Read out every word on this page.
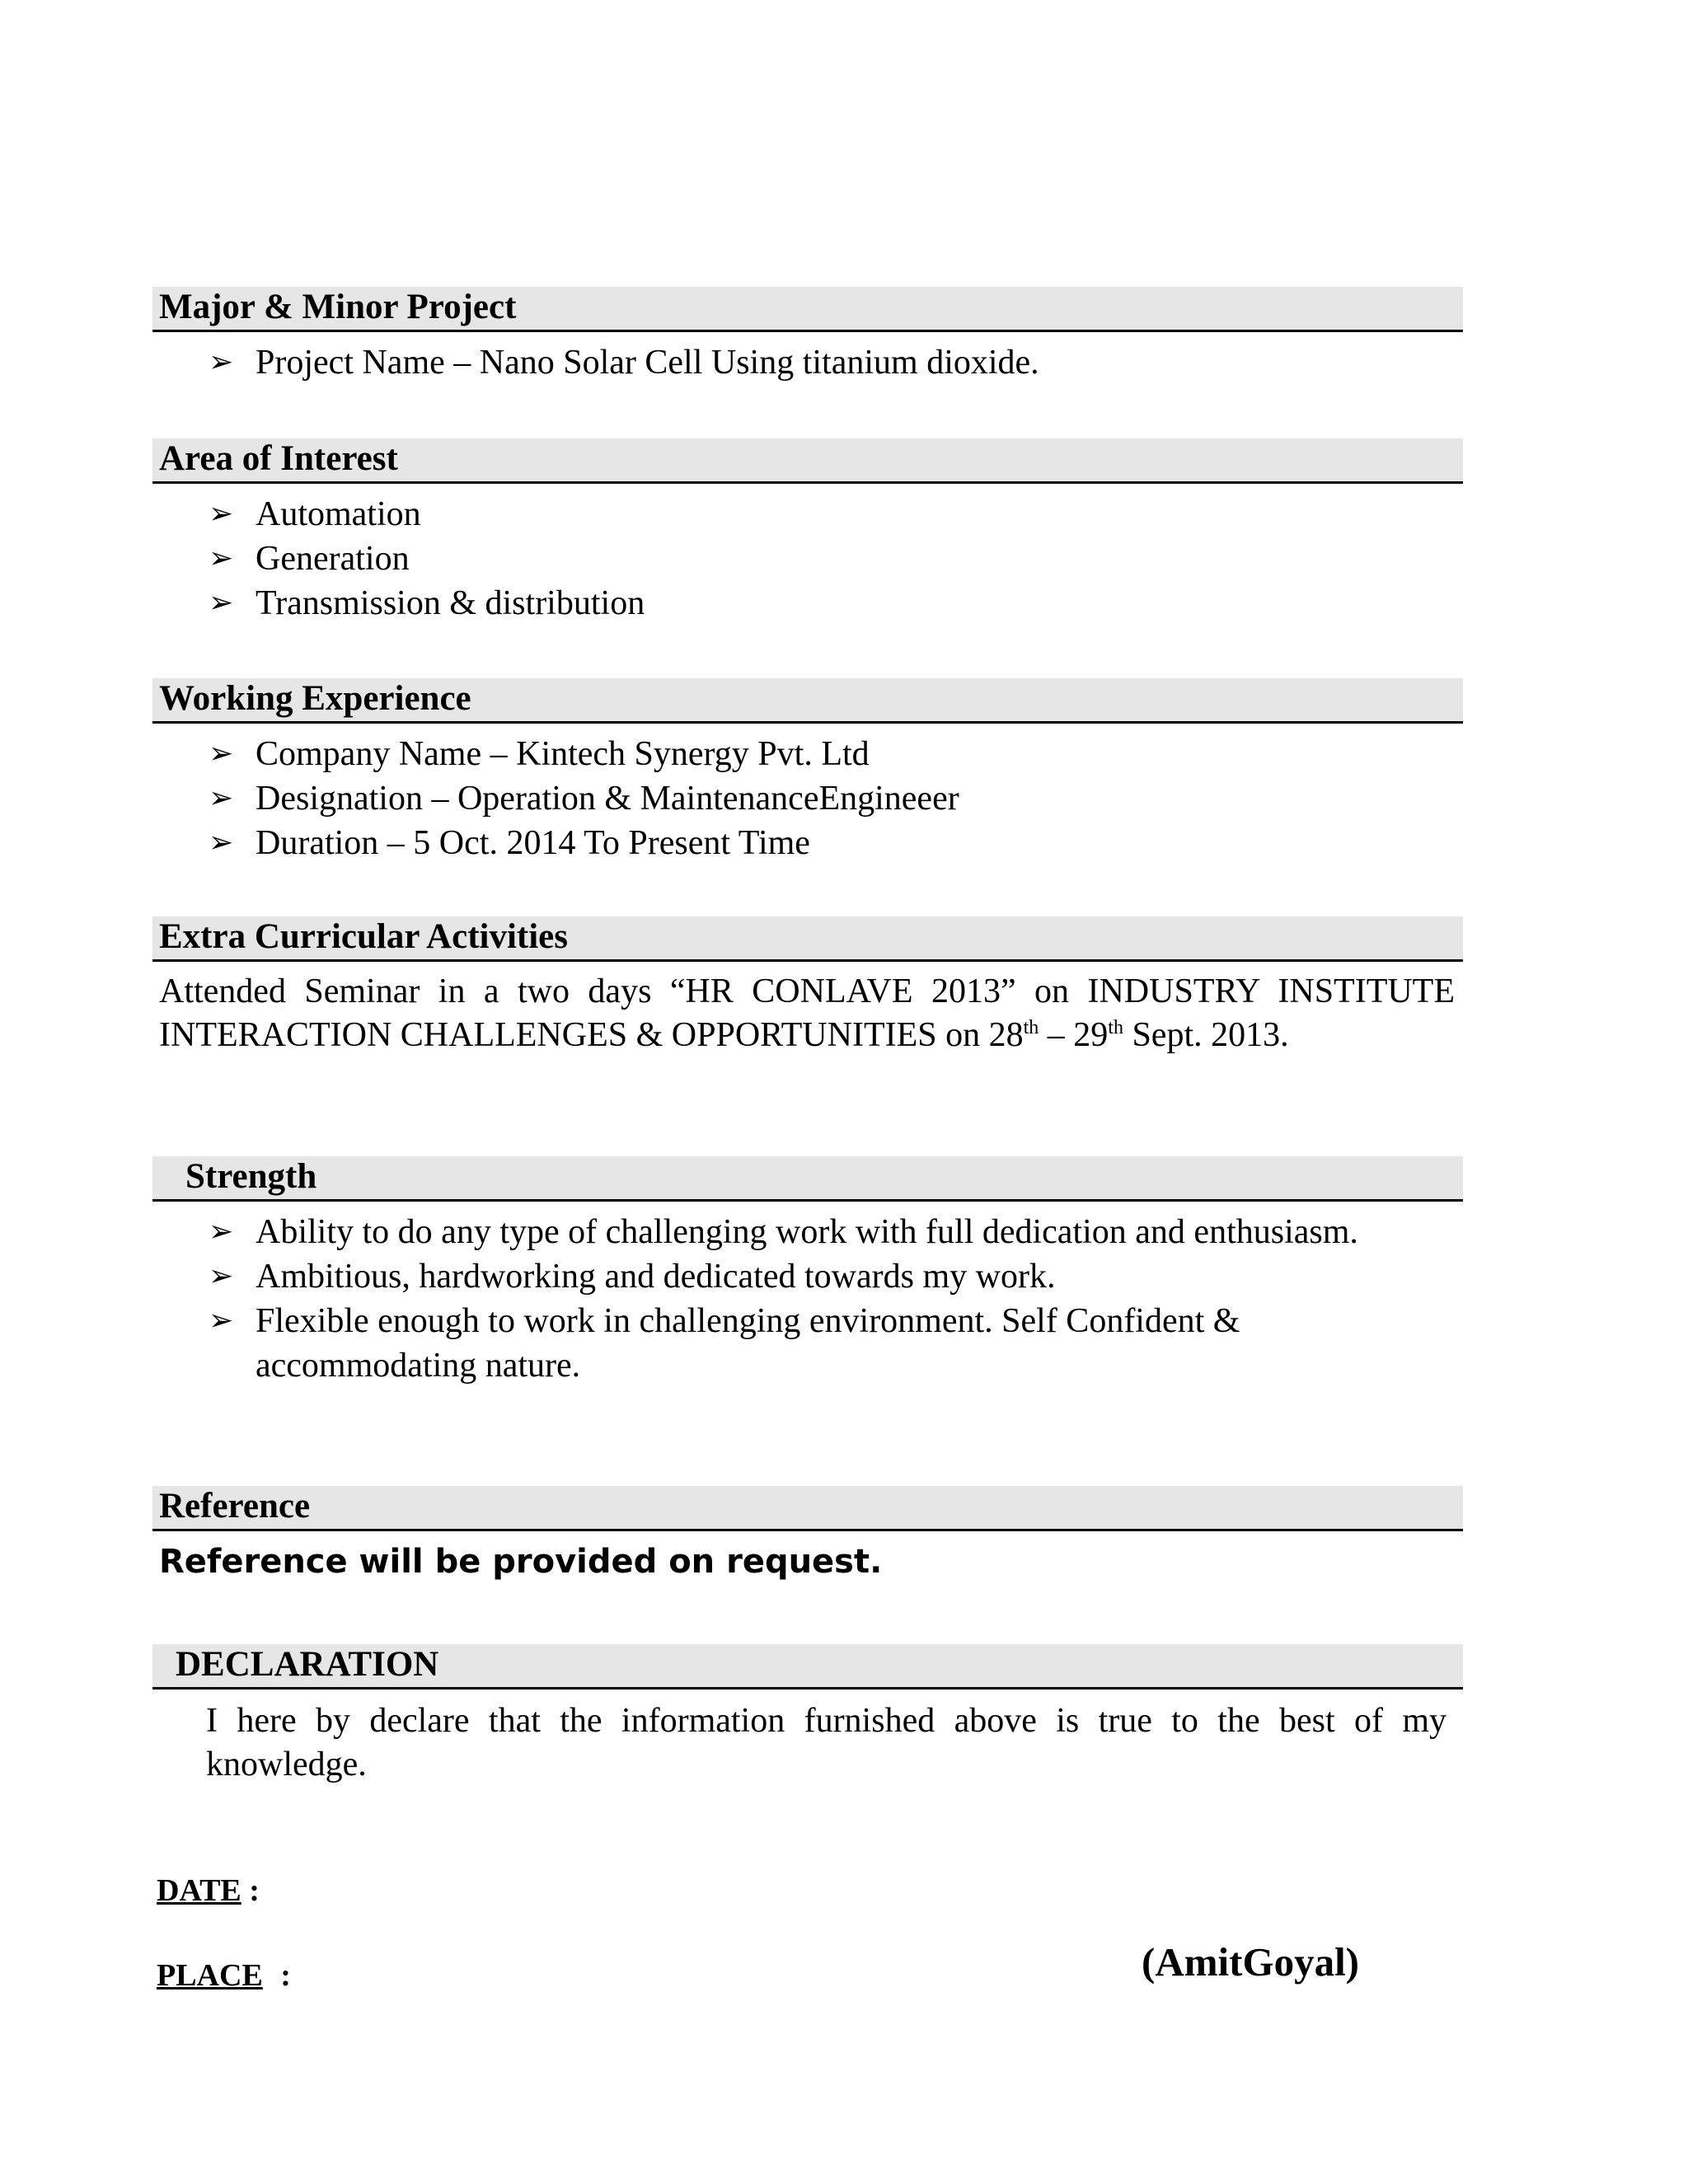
Major & Minor Project
➢ Project Name – Nano Solar Cell Using titanium dioxide.
Area of Interest
➢ Automation
➢ Generation
➢ Transmission & distribution
Working Experience
➢ Company Name – Kintech Synergy Pvt. Ltd
➢ Designation – Operation & MaintenanceEngineeer
➢ Duration – 5 Oct. 2014 To Present Time
Extra Curricular Activities
Attended Seminar in a two days “HR CONLAVE 2013” on INDUSTRY INSTITUTE INTERACTION CHALLENGES & OPPORTUNITIES on 28th – 29th Sept. 2013.
Strength
➢ Ability to do any type of challenging work with full dedication and enthusiasm.
➢ Ambitious, hardworking and dedicated towards my work.
➢ Flexible enough to work in challenging environment. Self Confident & accommodating nature.
Reference
Reference will be provided on request.
DECLARATION
I here by declare that the information furnished above is true to the best of my knowledge.
DATE :
PLACE :	(AmitGoyal)
